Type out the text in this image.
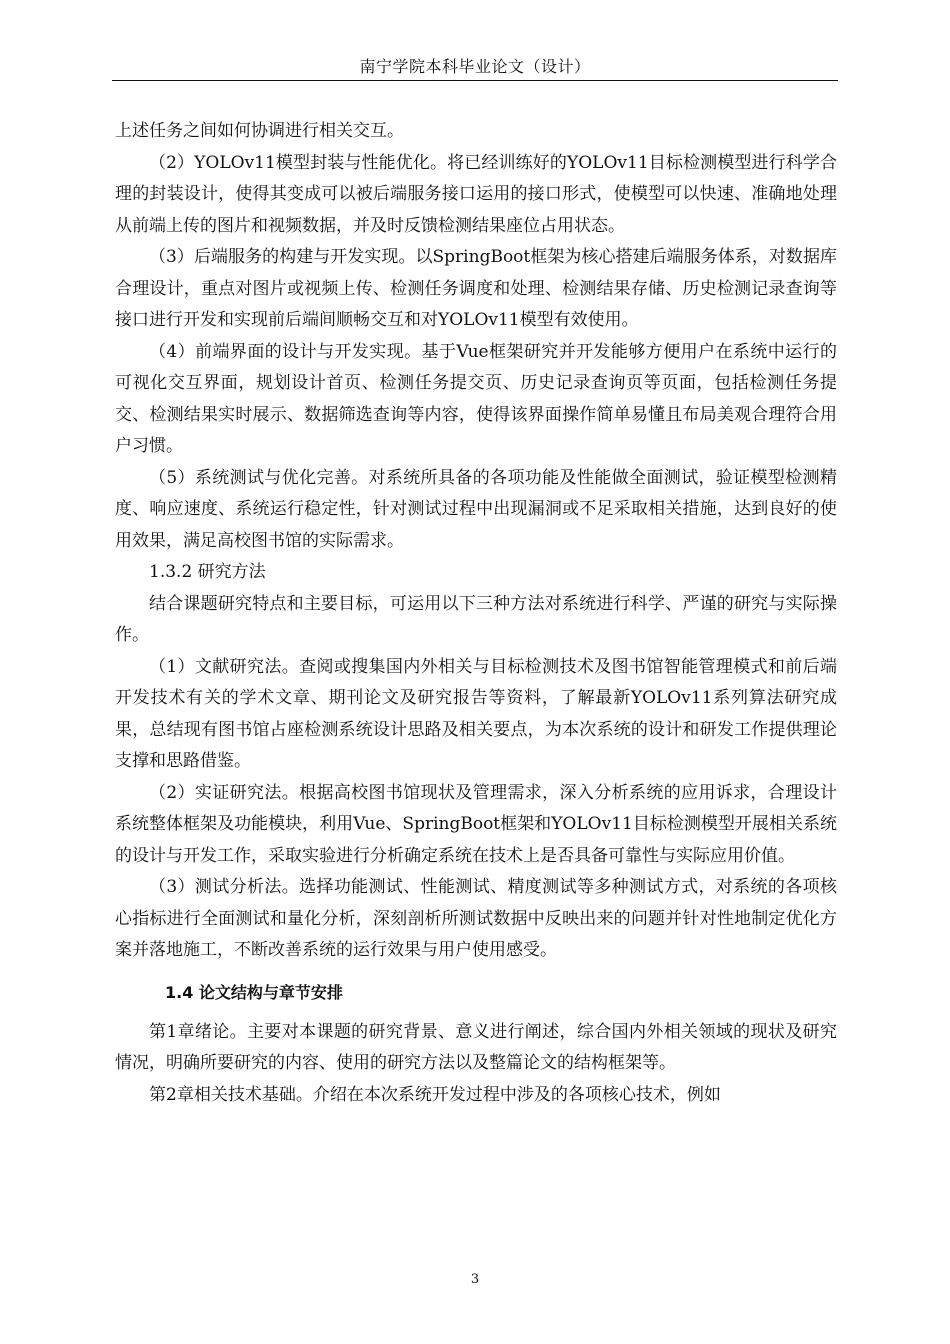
南宁学院本科毕业论文（设计）

上述任务之间如何协调进行相关交互。

（2）YOLOv11模型封装与性能优化。将已经训练好的YOLOv11目标检测模型进行科学合理的封装设计，使得其变成可以被后端服务接口运用的接口形式，使模型可以快速、准确地处理从前端上传的图片和视频数据，并及时反馈检测结果座位占用状态。

（3）后端服务的构建与开发实现。以SpringBoot框架为核心搭建后端服务体系，对数据库合理设计，重点对图片或视频上传、检测任务调度和处理、检测结果存储、历史检测记录查询等接口进行开发和实现前后端间顺畅交互和对YOLOv11模型有效使用。

（4）前端界面的设计与开发实现。基于Vue框架研究并开发能够方便用户在系统中运行的可视化交互界面，规划设计首页、检测任务提交页、历史记录查询页等页面，包括检测任务提交、检测结果实时展示、数据筛选查询等内容，使得该界面操作简单易懂且布局美观合理符合用户习惯。

（5）系统测试与优化完善。对系统所具备的各项功能及性能做全面测试，验证模型检测精度、响应速度、系统运行稳定性，针对测试过程中出现漏洞或不足采取相关措施，达到良好的使用效果，满足高校图书馆的实际需求。

1.3.2 研究方法

结合课题研究特点和主要目标，可运用以下三种方法对系统进行科学、严谨的研究与实际操作。

（1）文献研究法。查阅或搜集国内外相关与目标检测技术及图书馆智能管理模式和前后端开发技术有关的学术文章、期刊论文及研究报告等资料，了解最新YOLOv11系列算法研究成果，总结现有图书馆占座检测系统设计思路及相关要点，为本次系统的设计和研发工作提供理论支撑和思路借鉴。

（2）实证研究法。根据高校图书馆现状及管理需求，深入分析系统的应用诉求，合理设计系统整体框架及功能模块，利用Vue、SpringBoot框架和YOLOv11目标检测模型开展相关系统的设计与开发工作，采取实验进行分析确定系统在技术上是否具备可靠性与实际应用价值。

（3）测试分析法。选择功能测试、性能测试、精度测试等多种测试方式，对系统的各项核心指标进行全面测试和量化分析，深刻剖析所测试数据中反映出来的问题并针对性地制定优化方案并落地施工，不断改善系统的运行效果与用户使用感受。

1.4 论文结构与章节安排

第1章绪论。主要对本课题的研究背景、意义进行阐述，综合国内外相关领域的现状及研究情况，明确所要研究的内容、使用的研究方法以及整篇论文的结构框架等。

第2章相关技术基础。介绍在本次系统开发过程中涉及的各项核心技术，例如

3
